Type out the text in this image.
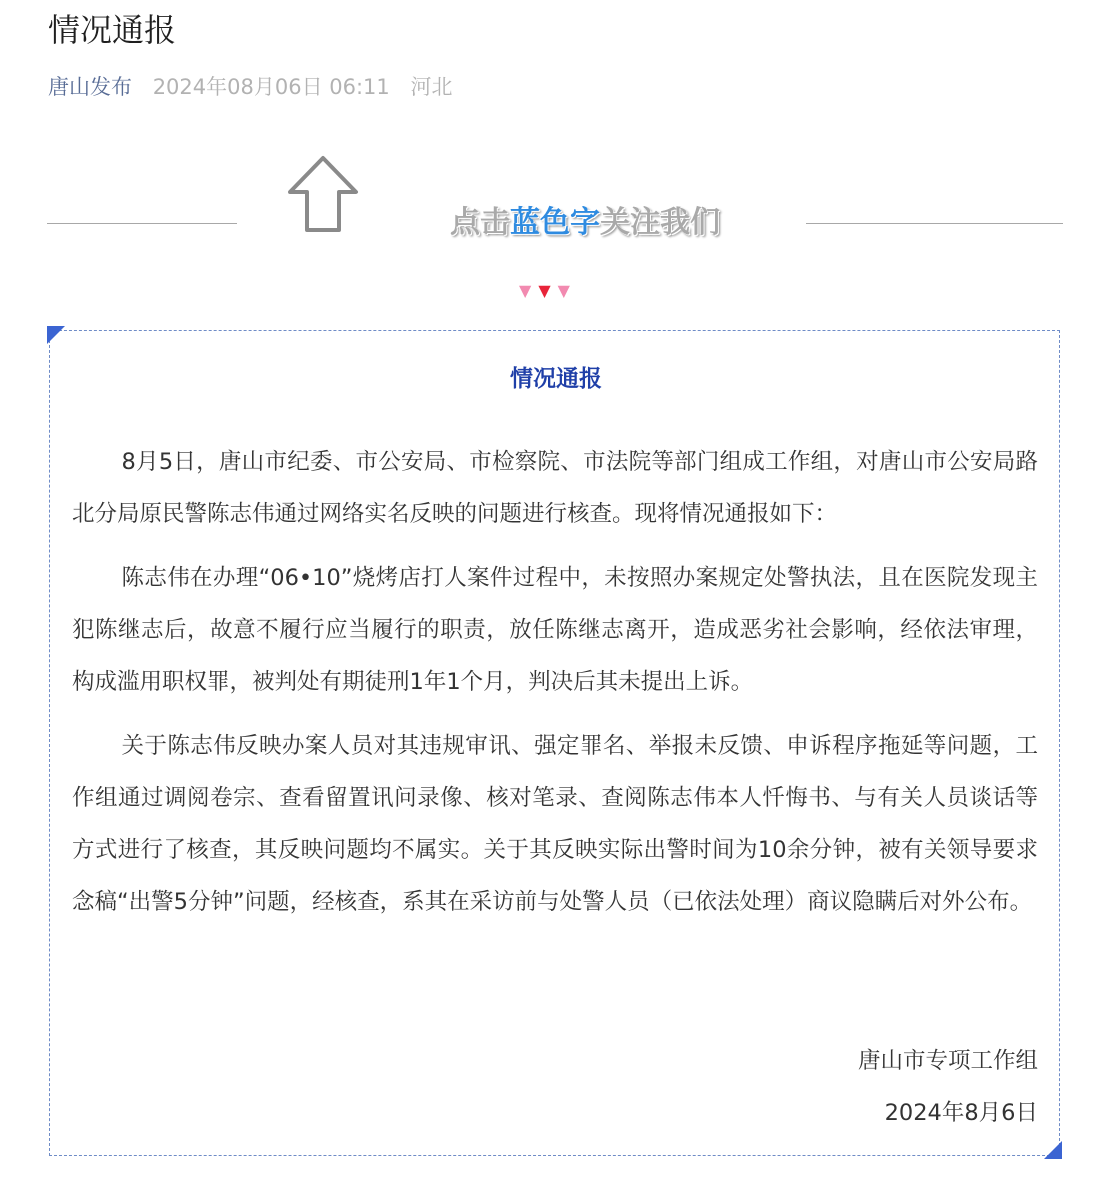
情况通报
唐山发布 2024年08月06日 06:11 河北
点击蓝色字关注我们
▼▼▼
情况通报

8月5日，唐山市纪委、市公安局、市检察院、市法院等部门组成工作组，对唐山市公安局路北分局原民警陈志伟通过网络实名反映的问题进行核查。现将情况通报如下：

陈志伟在办理“06•10”烧烤店打人案件过程中，未按照办案规定处警执法，且在医院发现主犯陈继志后，故意不履行应当履行的职责，放任陈继志离开，造成恶劣社会影响，经依法审理，构成滥用职权罪，被判处有期徒刑1年1个月，判决后其未提出上诉。

关于陈志伟反映办案人员对其违规审讯、强定罪名、举报未反馈、申诉程序拖延等问题，工作组通过调阅卷宗、查看留置讯问录像、核对笔录、查阅陈志伟本人忏悔书、与有关人员谈话等方式进行了核查，其反映问题均不属实。关于其反映实际出警时间为10余分钟，被有关领导要求念稿“出警5分钟”问题，经核查，系其在采访前与处警人员（已依法处理）商议隐瞒后对外公布。

唐山市专项工作组
2024年8月6日
